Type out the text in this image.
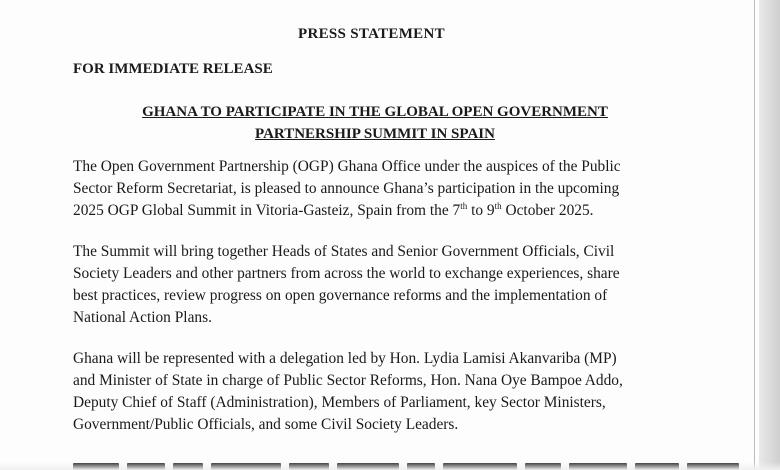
PRESS STATEMENT
FOR IMMEDIATE RELEASE
GHANA TO PARTICIPATE IN THE GLOBAL OPEN GOVERNMENT
PARTNERSHIP SUMMIT IN SPAIN
The Open Government Partnership (OGP) Ghana Office under the auspices of the Public
Sector Reform Secretariat, is pleased to announce Ghana’s participation in the upcoming
2025 OGP Global Summit in Vitoria-Gasteiz, Spain from the 7th to 9th October 2025.
The Summit will bring together Heads of States and Senior Government Officials, Civil
Society Leaders and other partners from across the world to exchange experiences, share
best practices, review progress on open governance reforms and the implementation of
National Action Plans.
Ghana will be represented with a delegation led by Hon. Lydia Lamisi Akanvariba (MP)
and Minister of State in charge of Public Sector Reforms, Hon. Nana Oye Bampoe Addo,
Deputy Chief of Staff (Administration), Members of Parliament, key Sector Ministers,
Government/Public Officials, and some Civil Society Leaders.
